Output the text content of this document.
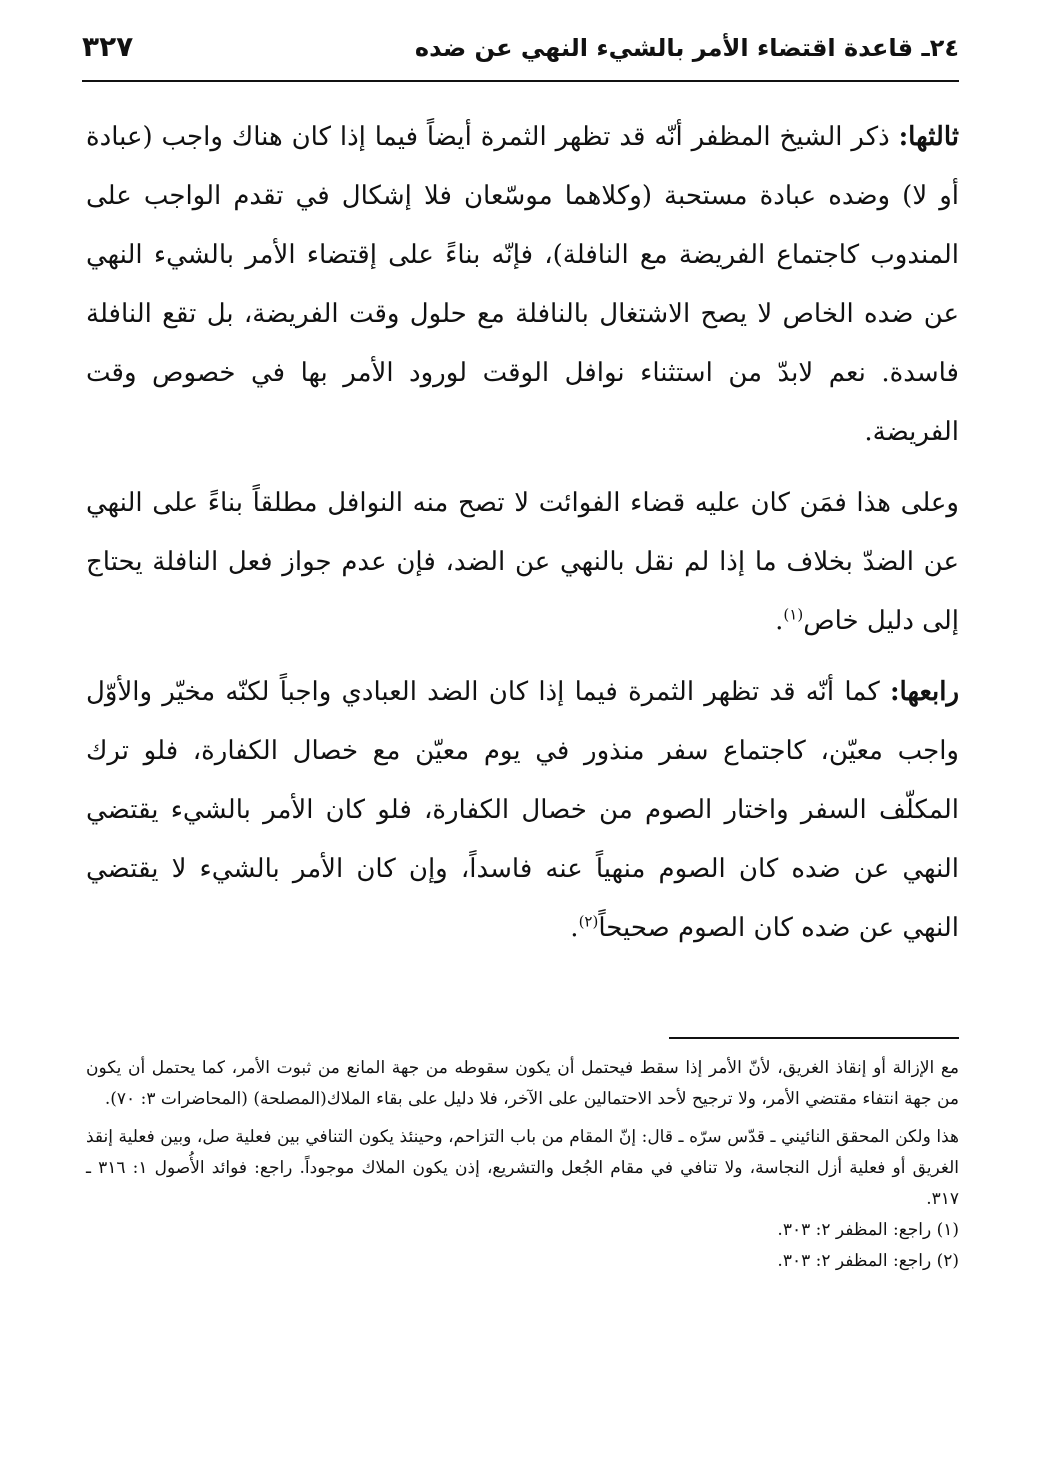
٢٤ـ قاعدة اقتضاء الأمر بالشيء النهي عن ضده
٣٢٧

ثالثها: ذكر الشيخ المظفر أنّه قد تظهر الثمرة أيضاً فيما إذا كان هناك واجب (عبادة أو لا) وضده عبادة مستحبة (وكلاهما موسّعان فلا إشكال في تقدم الواجب على المندوب كاجتماع الفريضة مع النافلة)، فإنّه بناءً على إقتضاء الأمر بالشيء النهي عن ضده الخاص لا يصح الاشتغال بالنافلة مع حلول وقت الفريضة، بل تقع النافلة فاسدة. نعم لابدّ من استثناء نوافل الوقت لورود الأمر بها في خصوص وقت الفريضة.

وعلى هذا فمَن كان عليه قضاء الفوائت لا تصح منه النوافل مطلقاً بناءً على النهي عن الضدّ بخلاف ما إذا لم نقل بالنهي عن الضد، فإن عدم جواز فعل النافلة يحتاج إلى دليل خاص$^{(١)}$.

رابعها: كما أنّه قد تظهر الثمرة فيما إذا كان الضد العبادي واجباً لكنّه مخيّر والأوّل واجب معيّن، كاجتماع سفر منذور في يوم معيّن مع خصال الكفارة، فلو ترك المكلّف السفر واختار الصوم من خصال الكفارة، فلو كان الأمر بالشيء يقتضي النهي عن ضده كان الصوم منهياً عنه فاسداً، وإن كان الأمر بالشيء لا يقتضي النهي عن ضده كان الصوم صحيحاً$^{(٢)}$.

مع الإزالة أو إنقاذ الغريق، لأنّ الأمر إذا سقط فيحتمل أن يكون سقوطه من جهة المانع من ثبوت الأمر، كما يحتمل أن يكون من جهة انتفاء مقتضي الأمر، ولا ترجيح لأحد الاحتمالين على الآخر، فلا دليل على بقاء الملاك(المصلحة) (المحاضرات ٣: ٧٠).

هذا ولكن المحقق النائيني ـ قدّس سرّه ـ قال: إنّ المقام من باب التزاحم، وحينئذ يكون التنافي بين فعلية صل، وبين فعلية إنقذ الغريق أو فعلية أزل النجاسة، ولا تنافي في مقام الجُعل والتشريع، إذن يكون الملاك موجوداً. راجع: فوائد الأُصول ١: ٣١٦ ـ ٣١٧.

(١) راجع: المظفر ٢: ٣٠٣.

(٢) راجع: المظفر ٢: ٣٠٣.
